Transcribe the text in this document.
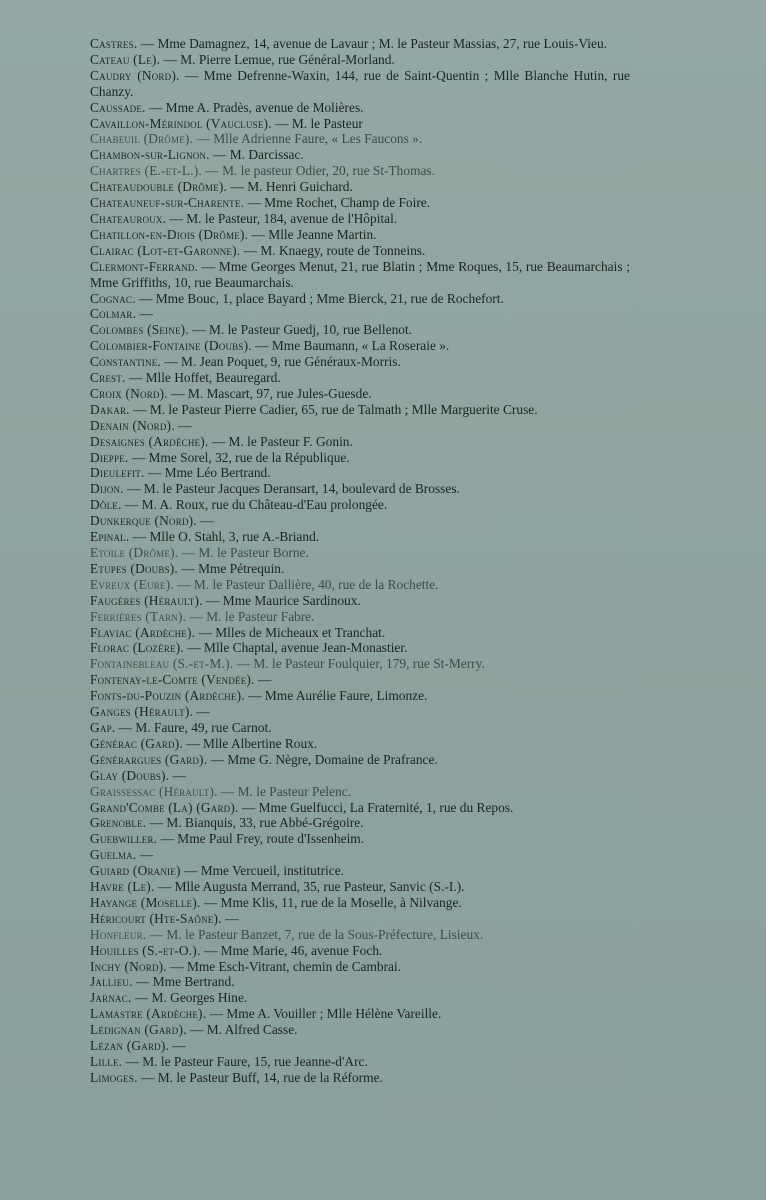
Castres. — Mme Damagnez, 14, avenue de Lavaur ; M. le Pasteur Massias, 27, rue Louis-Vieu.
Cateau (Le). — M. Pierre Lemue, rue Général-Morland.
Caudry (Nord). — Mme Defrenne-Waxin, 144, rue de Saint-Quentin ; Mlle Blanche Hutin, rue Chanzy.
Caussade. — Mme A. Pradès, avenue de Molières.
Cavaillon-Mérindol (Vaucluse). — M. le Pasteur
Chabeuil (Drôme). — Mlle Adrienne Faure, « Les Faucons ».
Chambon-sur-Lignon. — M. Darcissac.
Chartres (E.-et-L.). — M. le pasteur Odier, 20, rue St-Thomas.
Chateaudouble (Drôme). — M. Henri Guichard.
Chateauneuf-sur-Charente. — Mme Rochet, Champ de Foire.
Chateauroux. — M. le Pasteur, 184, avenue de l'Hôpital.
Chatillon-en-Diois (Drôme). — Mlle Jeanne Martin.
Clairac (Lot-et-Garonne). — M. Knaegy, route de Tonneins.
Clermont-Ferrand. — Mme Georges Menut, 21, rue Blatin ; Mme Roques, 15, rue Beaumarchais ; Mme Griffiths, 10, rue Beaumarchais.
Cognac. — Mme Bouc, 1, place Bayard ; Mme Bierck, 21, rue de Rochefort.
Colmar. —
Colombes (Seine). — M. le Pasteur Guedj, 10, rue Bellenot.
Colombier-Fontaine (Doubs). — Mme Baumann, « La Roseraie ».
Constantine. — M. Jean Poquet, 9, rue Généraux-Morris.
Crest. — Mlle Hoffet, Beauregard.
Croix (Nord). — M. Mascart, 97, rue Jules-Guesde.
Dakar. — M. le Pasteur Pierre Cadier, 65, rue de Talmath ; Mlle Marguerite Cruse.
Denain (Nord). —
Desaignes (Ardèche). — M. le Pasteur F. Gonin.
Dieppe. — Mme Sorel, 32, rue de la République.
Dieulefit. — Mme Léo Bertrand.
Dijon. — M. le Pasteur Jacques Deransart, 14, boulevard de Brosses.
Dôle. — M. A. Roux, rue du Château-d'Eau prolongée.
Dunkerque (Nord). —
Epinal. — Mlle O. Stahl, 3, rue A.-Briand.
Etoile (Drôme). — M. le Pasteur Borne.
Etupes (Doubs). — Mme Pétrequin.
Evreux (Eure). — M. le Pasteur Dallière, 40, rue de la Rochette.
Faugères (Hérault). — Mme Maurice Sardinoux.
Ferrières (Tarn). — M. le Pasteur Fabre.
Flaviac (Ardèche). — Mlles de Micheaux et Tranchat.
Florac (Lozère). — Mlle Chaptal, avenue Jean-Monastier.
Fontainebleau (S.-et-M.). — M. le Pasteur Foulquier, 179, rue St-Merry.
Fontenay-le-Comte (Vendée). —
Fonts-du-Pouzin (Ardèche). — Mme Aurélie Faure, Limonze.
Ganges (Hérault). —
Gap. — M. Faure, 49, rue Carnot.
Générac (Gard). — Mlle Albertine Roux.
Générargues (Gard). — Mme G. Nègre, Domaine de Prafrance.
Glay (Doubs). —
Graissessac (Hérault). — M. le Pasteur Pelenc.
Grand'Combe (La) (Gard). — Mme Guelfucci, La Fraternité, 1, rue du Repos.
Grenoble. — M. Bianquis, 33, rue Abbé-Grégoire.
Guebwiller. — Mme Paul Frey, route d'Issenheim.
Guelma. —
Guiard (Oranie) — Mme Vercueil, institutrice.
Havre (Le). — Mlle Augusta Merrand, 35, rue Pasteur, Sanvic (S.-I.).
Hayange (Moselle). — Mme Klis, 11, rue de la Moselle, à Nilvange.
Héricourt (Hte-Saône). —
Honfleur. — M. le Pasteur Banzet, 7, rue de la Sous-Préfecture, Lisieux.
Houilles (S.-et-O.). — Mme Marie, 46, avenue Foch.
Inchy (Nord). — Mme Esch-Vitrant, chemin de Cambrai.
Jallieu. — Mme Bertrand.
Jarnac. — M. Georges Hine.
Lamastre (Ardèche). — Mme A. Vouiller ; Mlle Hélène Vareille.
Lédignan (Gard). — M. Alfred Casse.
Lézan (Gard). —
Lille. — M. le Pasteur Faure, 15, rue Jeanne-d'Arc.
Limoges. — M. le Pasteur Buff, 14, rue de la Réforme.
